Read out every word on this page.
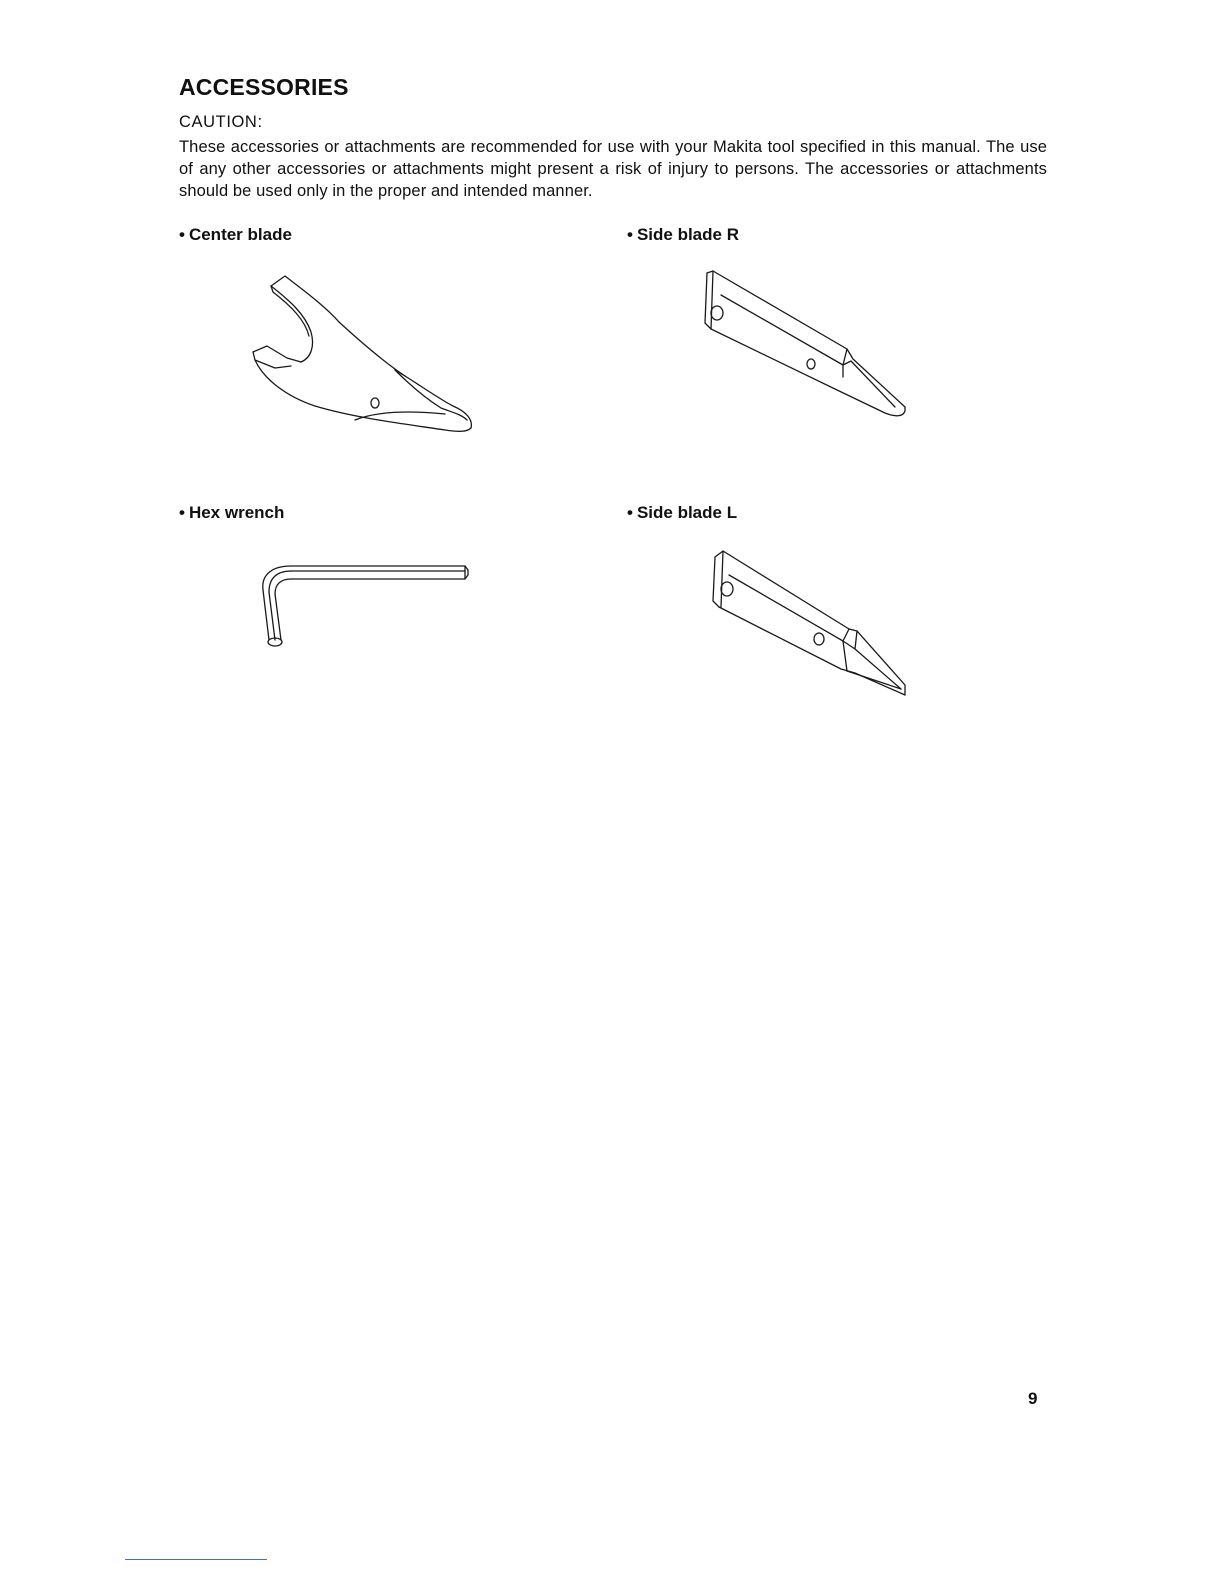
ACCESSORIES
CAUTION:
These accessories or attachments are recommended for use with your Makita tool specified in this manual. The use of any other accessories or attachments might present a risk of injury to persons. The accessories or attachments should be used only in the proper and intended manner.
• Center blade	• Side blade R
• Hex wrench	• Side blade L
9
